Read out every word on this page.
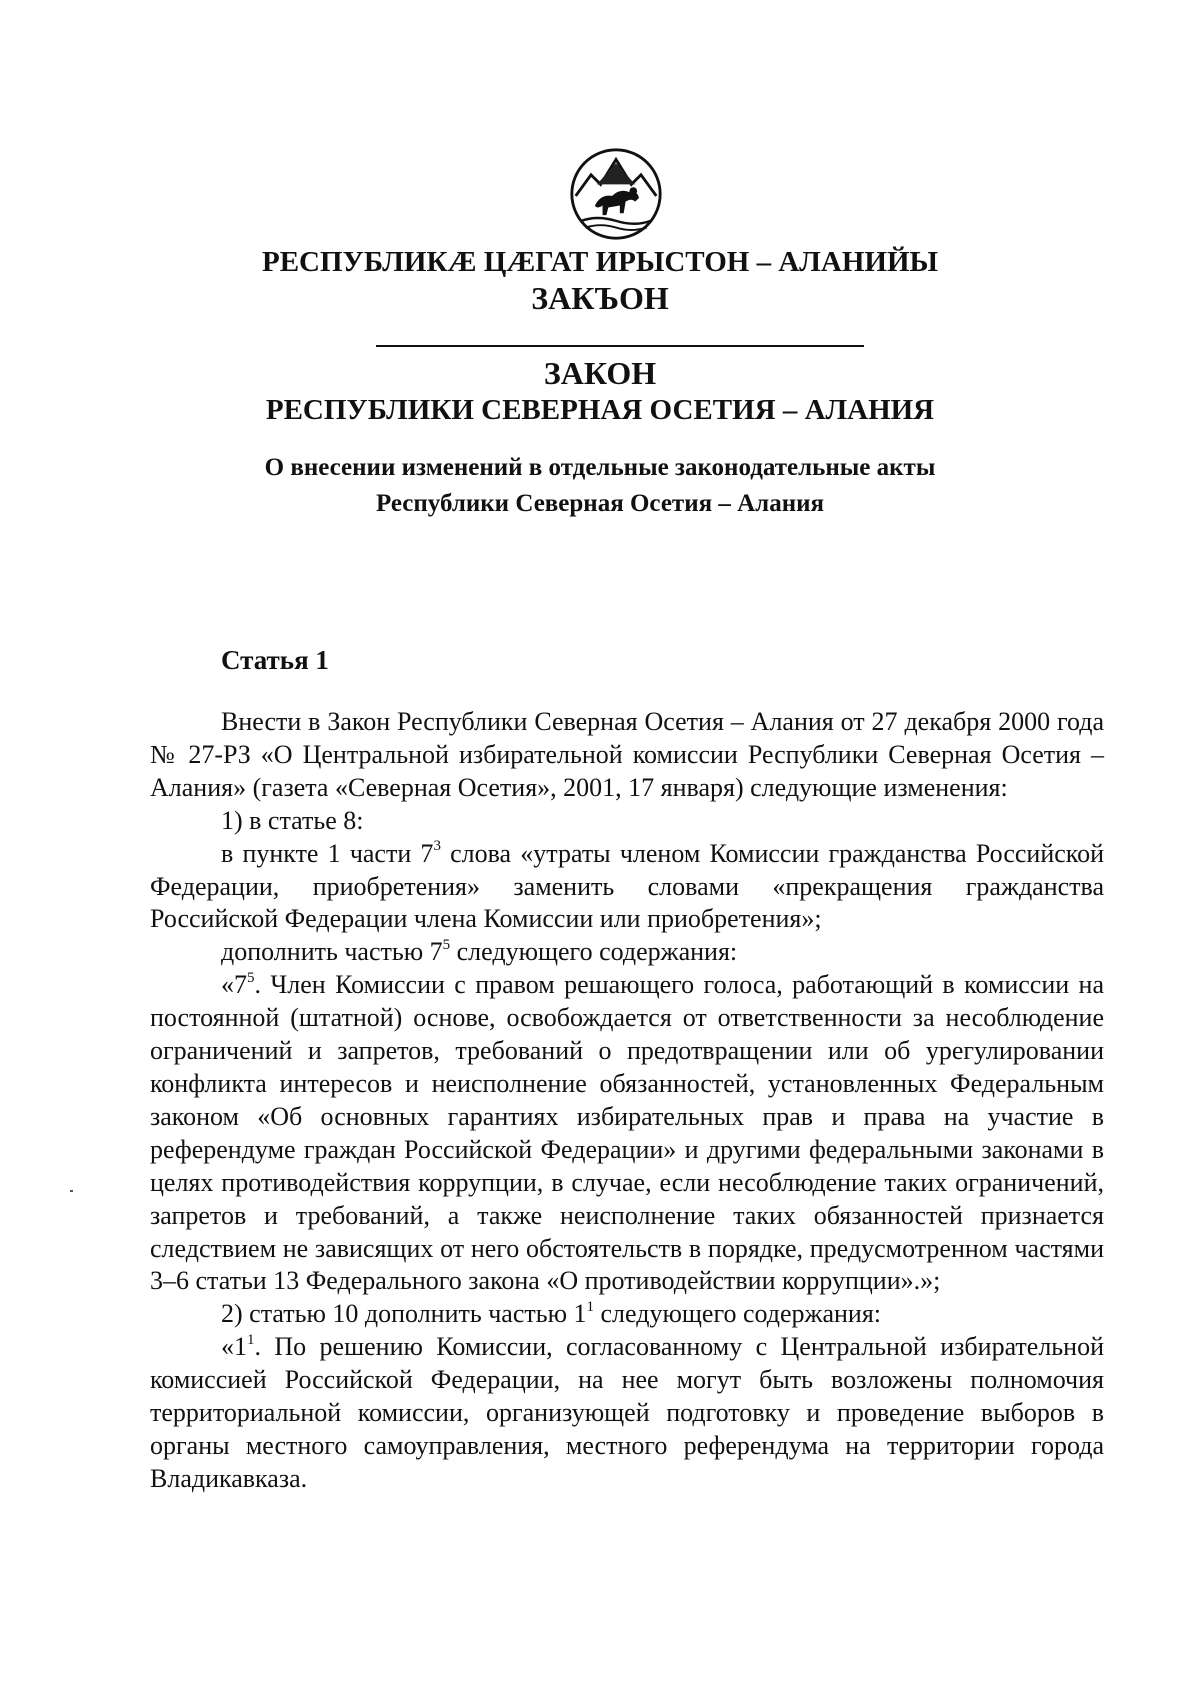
РЕСПУБЛИКÆ ЦÆГАТ ИРЫСТОН – АЛАНИЙЫ
ЗАКЪОН
ЗАКОН
РЕСПУБЛИКИ СЕВЕРНАЯ ОСЕТИЯ – АЛАНИЯ
О внесении изменений в отдельные законодательные акты
Республики Северная Осетия – Алания
Статья 1

Внести в Закон Республики Северная Осетия – Алания от 27 декабря 2000 года № 27-РЗ «О Центральной избирательной комиссии Республики Северная Осетия – Алания» (газета «Северная Осетия», 2001, 17 января) следующие изменения:

1) в статье 8:

в пункте 1 части $7^3$ слова «утраты членом Комиссии гражданства Российской Федерации, приобретения» заменить словами «прекращения гражданства Российской Федерации члена Комиссии или приобретения»;

дополнить частью $7^5$ следующего содержания:

«$7^5$. Член Комиссии с правом решающего голоса, работающий в комиссии на постоянной (штатной) основе, освобождается от ответственности за несоблюдение ограничений и запретов, требований о предотвращении или об урегулировании конфликта интересов и неисполнение обязанностей, установленных Федеральным законом «Об основных гарантиях избирательных прав и права на участие в референдуме граждан Российской Федерации» и другими федеральными законами в целях противодействия коррупции, в случае, если несоблюдение таких ограничений, запретов и требований, а также неисполнение таких обязанностей признается следствием не зависящих от него обстоятельств в порядке, предусмотренном частями 3–6 статьи 13 Федерального закона «О противодействии коррупции».»;

2) статью 10 дополнить частью $1^1$ следующего содержания:

«$1^1$. По решению Комиссии, согласованному с Центральной избирательной комиссией Российской Федерации, на нее могут быть возложены полномочия территориальной комиссии, организующей подготовку и проведение выборов в органы местного самоуправления, местного референдума на территории города Владикавказа.
